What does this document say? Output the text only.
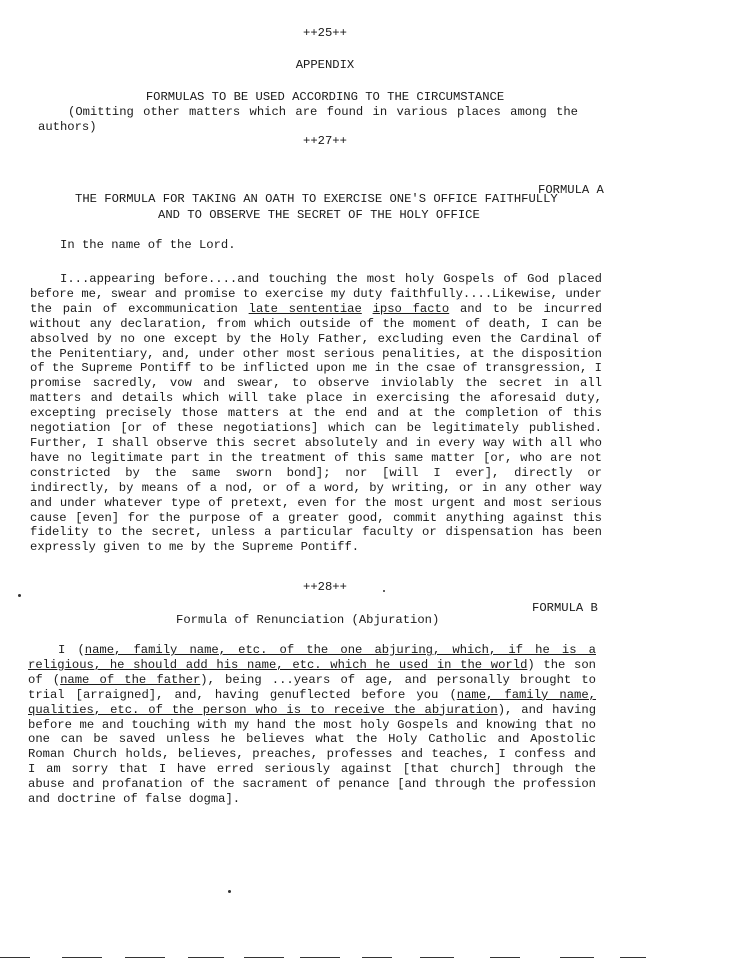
++25++
APPENDIX
FORMULAS TO BE USED ACCORDING TO THE CIRCUMSTANCE

(Omitting other matters which are found in various places among the authors)

++27++
FORMULA A
THE FORMULA FOR TAKING AN OATH TO EXERCISE ONE'S OFFICE FAITHFULLY
AND TO OBSERVE THE SECRET OF THE HOLY OFFICE
In the name of the Lord.

I...appearing before....and touching the most holy Gospels of God placed before me, swear and promise to exercise my duty faithfully....Likewise, under the pain of excommunication late sententiae ipso facto and to be incurred without any declaration, from which outside of the moment of death, I can be absolved by no one except by the Holy Father, excluding even the Cardinal of the Penitentiary, and, under other most serious penalities, at the disposition of the Supreme Pontiff to be inflicted upon me in the csae of transgression, I promise sacredly, vow and swear, to observe inviolably the secret in all matters and details which will take place in exercising the aforesaid duty, excepting precisely those matters at the end and at the completion of this negotiation [or of these negotiations] which can be legitimately published. Further, I shall observe this secret absolutely and in every way with all who have no legitimate part in the treatment of this same matter [or, who are not constricted by the same sworn bond]; nor [will I ever], directly or indirectly, by means of a nod, or of a word, by writing, or in any other way and under whatever type of pretext, even for the most urgent and most serious cause [even] for the purpose of a greater good, commit anything against this fidelity to the secret, unless a particular faculty or dispensation has been expressly given to me by the Supreme Pontiff.

++28++
FORMULA B
Formula of Renunciation (Abjuration)

I (name, family name, etc. of the one abjuring, which, if he is a religious, he should add his name, etc. which he used in the world) the son of (name of the father), being ...years of age, and personally brought to trial [arraigned], and, having genuflected before you (name, family name, qualities, etc. of the person who is to receive the abjuration), and having before me and touching with my hand the most holy Gospels and knowing that no one can be saved unless he believes what the Holy Catholic and Apostolic Roman Church holds, believes, preaches, professes and teaches, I confess and I am sorry that I have erred seriously against [that church] through the abuse and profanation of the sacrament of penance [and through the profession and doctrine of false dogma].
